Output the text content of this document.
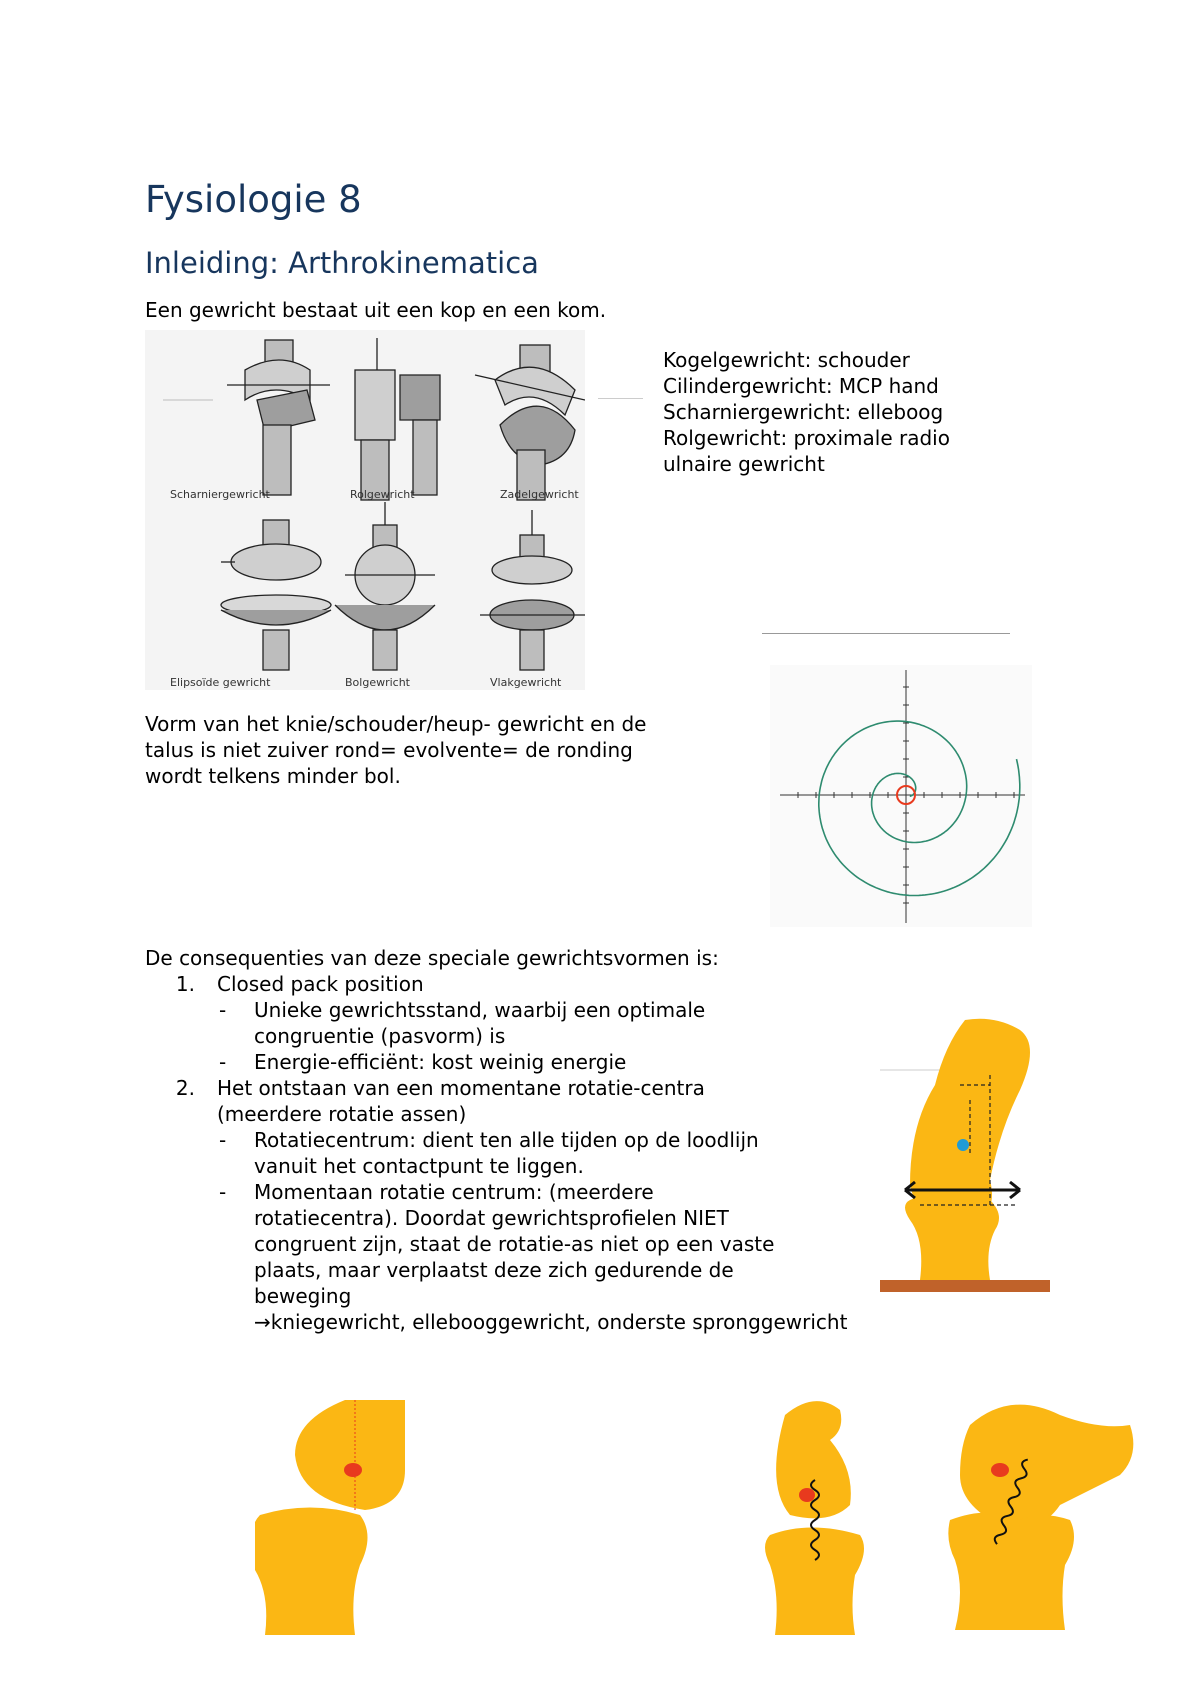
Fysiologie 8
Inleiding: Arthrokinematica
Een gewricht bestaat uit een kop en een kom.
Scharniergewricht	Rolgewricht	Zadelgewricht
Elipsoïde gewricht	Bolgewricht	Vlakgewricht
Kogelgewricht: schouder
Cilindergewricht: MCP hand
Scharniergewricht: elleboog
Rolgewricht: proximale radio
ulnaire gewricht
Vorm van het knie/schouder/heup- gewricht en de
talus is niet zuiver rond= evolvente= de ronding
wordt telkens minder bol.
De consequenties van deze speciale gewrichtsvormen is:
1. Closed pack position
- Unieke gewrichtsstand, waarbij een optimale
congruentie (pasvorm) is
- Energie-efficiënt: kost weinig energie
2. Het ontstaan van een momentane rotatie-centra
(meerdere rotatie assen)
- Rotatiecentrum: dient ten alle tijden op de loodlijn
vanuit het contactpunt te liggen.
- Momentaan rotatie centrum: (meerdere
rotatiecentra). Doordat gewrichtsprofielen NIET
congruent zijn, staat de rotatie-as niet op een vaste
plaats, maar verplaatst deze zich gedurende de
beweging
→kniegewricht, ellebooggewricht, onderste spronggewricht
